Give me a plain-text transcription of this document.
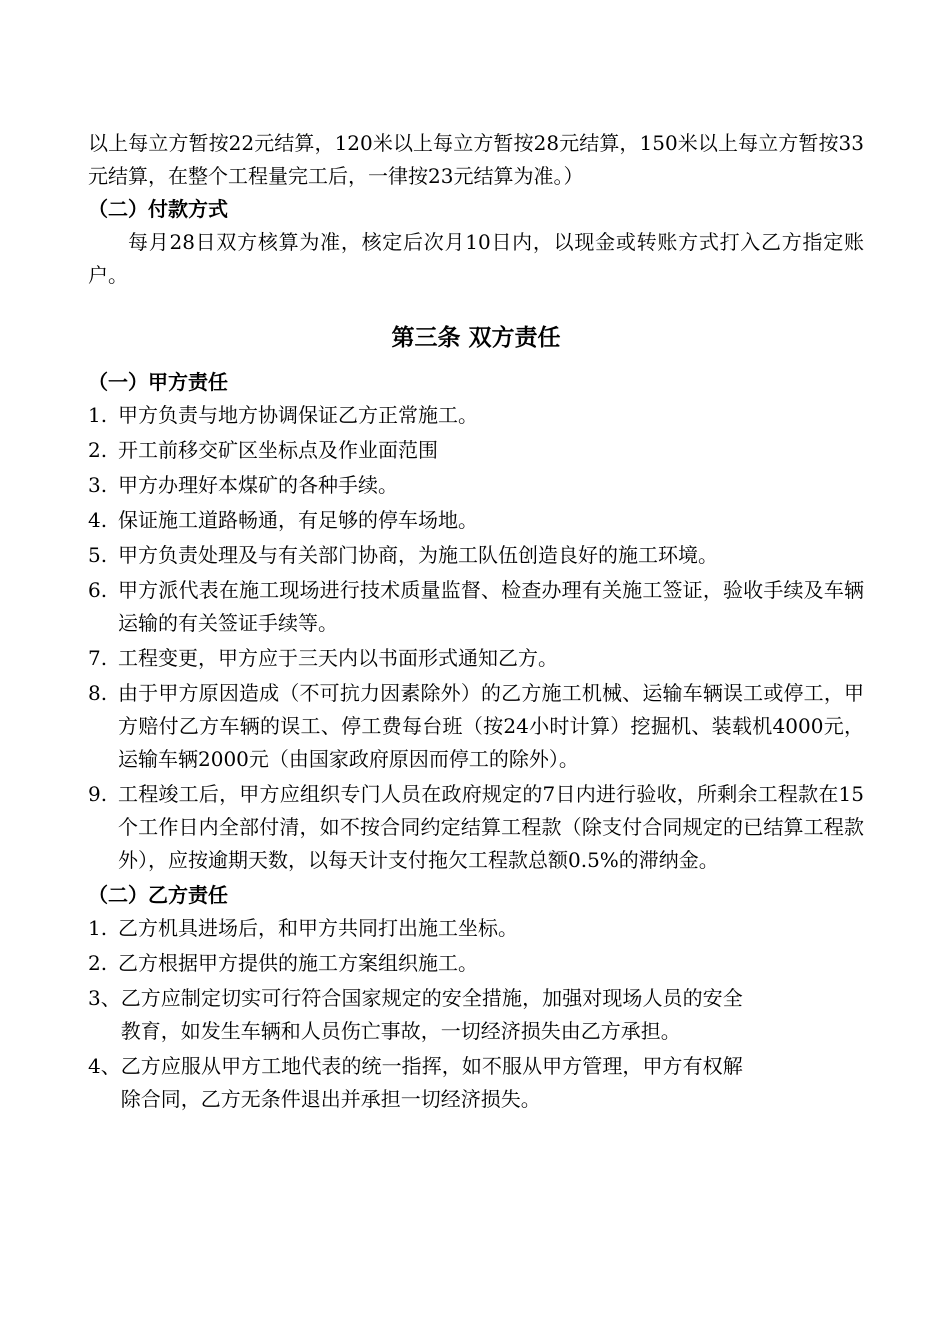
以上每立方暂按22元结算，120米以上每立方暂按28元结算，150米以上每立方暂按33元结算，在整个工程量完工后，一律按23元结算为准。）

（二）付款方式

每月28日双方核算为准，核定后次月10日内，以现金或转账方式打入乙方指定账户。

第三条 双方责任

（一）甲方责任

1. 甲方负责与地方协调保证乙方正常施工。
2. 开工前移交矿区坐标点及作业面范围
3. 甲方办理好本煤矿的各种手续。
4. 保证施工道路畅通，有足够的停车场地。
5. 甲方负责处理及与有关部门协商，为施工队伍创造良好的施工环境。
6. 甲方派代表在施工现场进行技术质量监督、检查办理有关施工签证，验收手续及车辆运输的有关签证手续等。
7. 工程变更，甲方应于三天内以书面形式通知乙方。
8. 由于甲方原因造成（不可抗力因素除外）的乙方施工机械、运输车辆误工或停工，甲方赔付乙方车辆的误工、停工费每台班（按24小时计算）挖掘机、装载机4000元，运输车辆2000元（由国家政府原因而停工的除外）。
9. 工程竣工后，甲方应组织专门人员在政府规定的7日内进行验收，所剩余工程款在15个工作日内全部付清，如不按合同约定结算工程款（除支付合同规定的已结算工程款外），应按逾期天数，以每天计支付拖欠工程款总额0.5%的滞纳金。

（二）乙方责任

1. 乙方机具进场后，和甲方共同打出施工坐标。
2. 乙方根据甲方提供的施工方案组织施工。
3、 乙方应制定切实可行符合国家规定的安全措施，加强对现场人员的安全教育，如发生车辆和人员伤亡事故，一切经济损失由乙方承担。
4、 乙方应服从甲方工地代表的统一指挥，如不服从甲方管理，甲方有权解除合同，乙方无条件退出并承担一切经济损失。
